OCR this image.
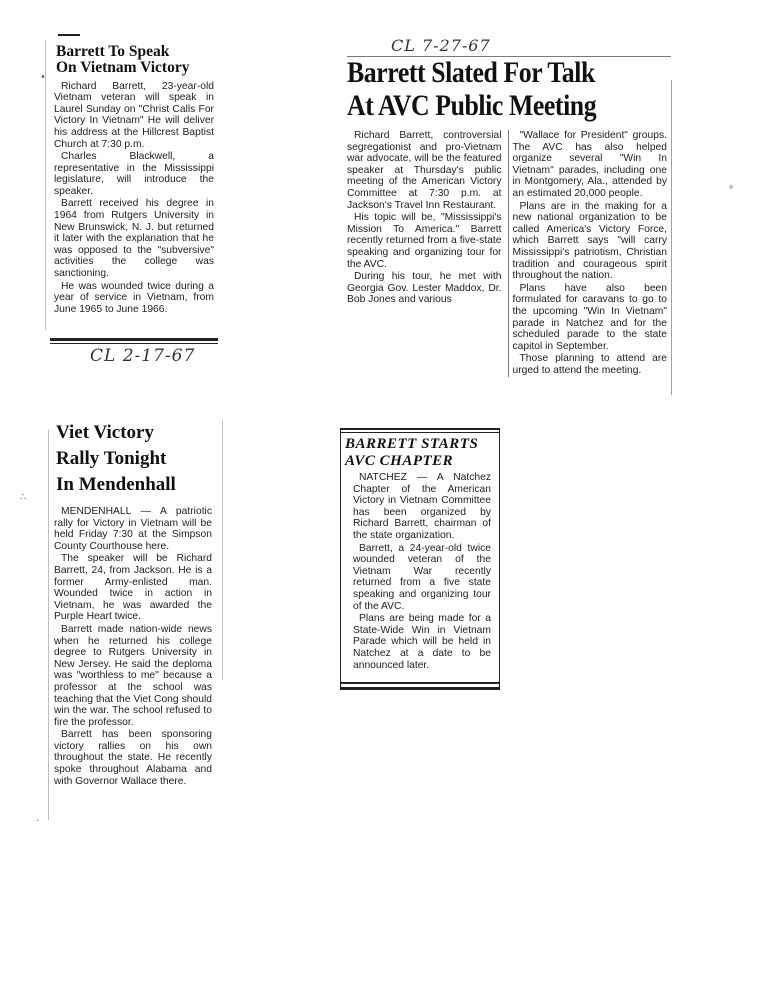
Barrett To Speak
On Vietnam Victory

Richard Barrett, 23-year-old Vietnam veteran will speak in Laurel Sunday on "Christ Calls For Victory In Vietnam" He will deliver his address at the Hillcrest Baptist Church at 7:30 p.m.

Charles Blackwell, a representative in the Mississippi legislature, will introduce the speaker.

Barrett received his degree in 1964 from Rutgers University in New Brunswick, N. J. but returned it later with the explanation that he was opposed to the "subversive" activities the college was sanctioning.

He was wounded twice during a year of service in Vietnam, from June 1965 to June 1966.

CL 2-17-67
CL 7-27-67
Barrett Slated For Talk
At AVC Public Meeting

Richard Barrett, controversial segregationist and pro-Vietnam war advocate, will be the featured speaker at Thursday's public meeting of the American Victory Committee at 7:30 p.m. at Jackson's Travel Inn Restaurant.

His topic will be, "Mississippi's Mission To America." Barrett recently returned from a five-state speaking and organizing tour for the AVC.

During his tour, he met with Georgia Gov. Lester Maddox, Dr. Bob Jones and various

"Wallace for President" groups. The AVC has also helped organize several "Win In Vietnam" parades, including one in Montgomery, Ala., attended by an estimated 20,000 people.

Plans are in the making for a new national organization to be called America's Victory Force, which Barrett says "will carry Mississippi's patriotism, Christian tradition and courageous spirit throughout the nation.

Plans have also been formulated for caravans to go to the upcoming "Win In Vietnam" parade in Natchez and for the scheduled parade to the state capitol in September.

Those planning to attend are urged to attend the meeting.

Viet Victory
Rally Tonight
In Mendenhall

MENDENHALL — A patriotic rally for Victory in Vietnam will be held Friday 7:30 at the Simpson County Courthouse here.

The speaker will be Richard Barrett, 24, from Jackson. He is a former Army-enlisted man. Wounded twice in action in Vietnam, he was awarded the Purple Heart twice.

Barrett made nation-wide news when he returned his college degree to Rutgers University in New Jersey. He said the deploma was "worthless to me" because a professor at the school was teaching that the Viet Cong should win the war. The school refused to fire the professor.

Barrett has been sponsoring victory rallies on his own throughout the state. He recently spoke throughout Alabama and with Governor Wallace there.

BARRETT STARTS
AVC CHAPTER

NATCHEZ — A Natchez Chapter of the American Victory in Vietnam Committee has been organized by Richard Barrett, chairman of the state organization.

Barrett, a 24-year-old twice wounded veteran of the Vietnam War recently returned from a five state speaking and organizing tour of the AVC.

Plans are being made for a State-Wide Win in Vietnam Parade which will be held in Natchez at a date to be announced later.

•
∴
∘
·
